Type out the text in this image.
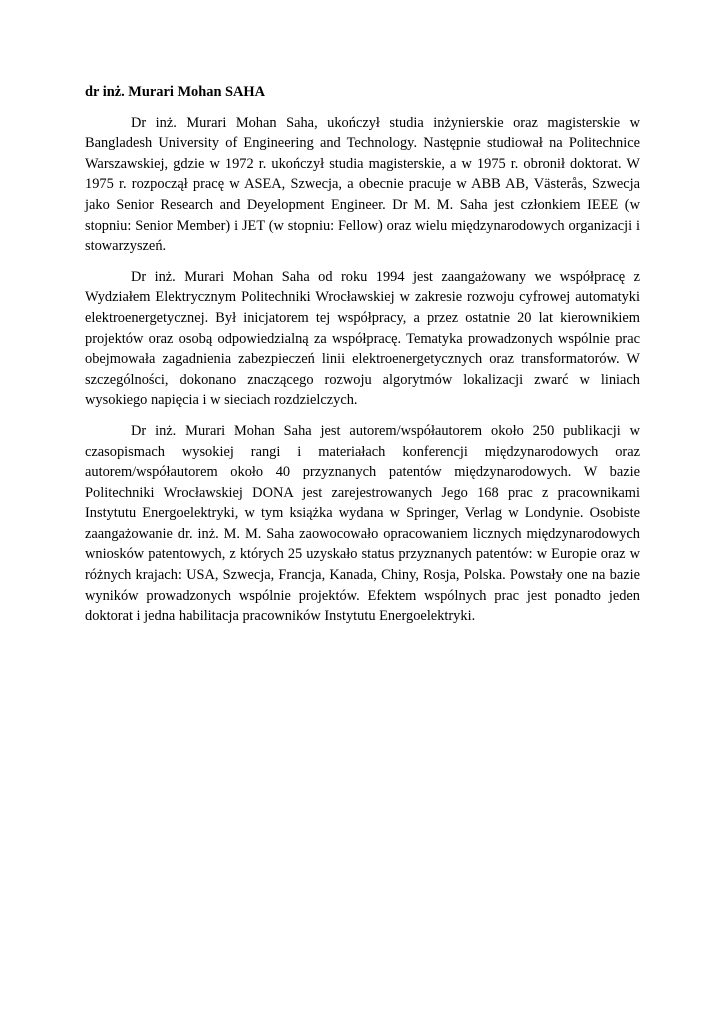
dr inż. Murari Mohan SAHA

Dr inż. Murari Mohan Saha, ukończył studia inżynierskie oraz magisterskie w Bangladesh University of Engineering and Technology. Następnie studiował na Politechnice Warszawskiej, gdzie w 1972 r. ukończył studia magisterskie, a w 1975 r. obronił doktorat. W 1975 r. rozpoczął pracę w ASEA, Szwecja, a obecnie pracuje w ABB AB, Västerås, Szwecja jako Senior Research and Deyelopment Engineer. Dr M. M. Saha jest członkiem IEEE (w stopniu: Senior Member) i JET (w stopniu: Fellow) oraz wielu międzynarodowych organizacji i stowarzyszeń.

Dr inż. Murari Mohan Saha od roku 1994 jest zaangażowany we współpracę z Wydziałem Elektrycznym Politechniki Wrocławskiej w zakresie rozwoju cyfrowej automatyki elektroenergetycznej. Był inicjatorem tej współpracy, a przez ostatnie 20 lat kierownikiem projektów oraz osobą odpowiedzialną za współpracę. Tematyka prowadzonych wspólnie prac obejmowała zagadnienia zabezpieczeń linii elektroenergetycznych oraz transformatorów. W szczególności, dokonano znaczącego rozwoju algorytmów lokalizacji zwarć w liniach wysokiego napięcia i w sieciach rozdzielczych.

Dr inż. Murari Mohan Saha jest autorem/współautorem około 250 publikacji w czasopismach wysokiej rangi i materiałach konferencji międzynarodowych oraz autorem/współautorem około 40 przyznanych patentów międzynarodowych. W bazie Politechniki Wrocławskiej DONA jest zarejestrowanych Jego 168 prac z pracownikami Instytutu Energoelektryki, w tym książka wydana w Springer, Verlag w Londynie. Osobiste zaangażowanie dr. inż. M. M. Saha zaowocowało opracowaniem licznych międzynarodowych wniosków patentowych, z których 25 uzyskało status przyznanych patentów: w Europie oraz w różnych krajach: USA, Szwecja, Francja, Kanada, Chiny, Rosja, Polska. Powstały one na bazie wyników prowadzonych wspólnie projektów. Efektem wspólnych prac jest ponadto jeden doktorat i jedna habilitacja pracowników Instytutu Energoelektryki.
